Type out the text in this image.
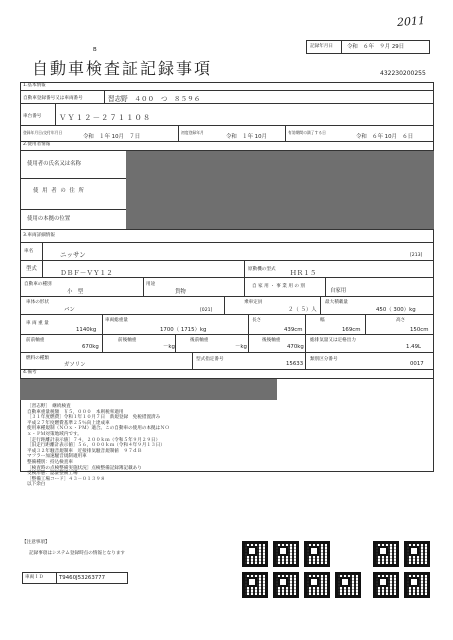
2011
記録年月日	令和　６年　９月 29日
B
自動車検査証記録事項	432230200255
1.基本情報
自動車登録番号又は車両番号	習志野　４００　つ　８５９６
車台番号 ＶＹ１２－２７１１０８
登録年月日/交付年月日
令和　１年 10月　７日
初度登録年月
令和　１年 10月
有効期間の満了する日
令和　６年 10月　６日
2.使用者情報
使用者の氏名又は名称
使 用 者 の 住 所
使用の本拠の位置
3.車両詳細情報
車名	ニッサン	[213]
型式	ＤＢＦ－ＶＹ１２	原動機の型式 ＨＲ１５
自動車の種別
小　型
用途
貨物
自 家 用 ・ 事 業 用 の 別
自家用
車体の形状
バン	[021]
乗車定員
２（ ５）人
最大積載量
450（ 300）kg
車 両 重 量
1140kg
車両総重量
1700（ 1715）kg
長さ
439cm
幅
169cm
高さ
150cm
前前軸重
670kg
前後軸重
－kg
後前軸重
－kg
後後軸重
470kg
総排気量又は定格出力
1.49L
燃料の種類
ガソリン
型式指定番号
15633
類別区分番号
0017
4.備考
［習志野］　継続検査
自動車重量税額　￥５，０００　本則税率適用
［３１年度燃費］令和１年１０月７日　新規登録　免税措置済み
平成２７年度燃費基準２５％向上達成車
使用車種規制（ＮＯｘ・ＰＭ）適合。この自動車の使用の本拠はＮＯ
ｘ・ＰＭ対策地域内です。
［走行距離計表示値］７４，２００ｋｍ（令和５年９月２９日）
［旧走行距離計表示値］５６，０００ｋｍ（令和４年９月１３日）
平成３２年騒音規制車　近接排気騒音規制値　９７ｄＢ
マフラー加速騒音規制適用車
整備種別：持込検査車
［検査時の点検整備実施状況］点検整備記録簿記載あり
受検形態：認証整備工場
［整備工場コード］４３－０１３９８
以下余白
【注意事項】
記録事項はシステム登録時点の情報となります
車両ＩＤ	T9460J53263777
